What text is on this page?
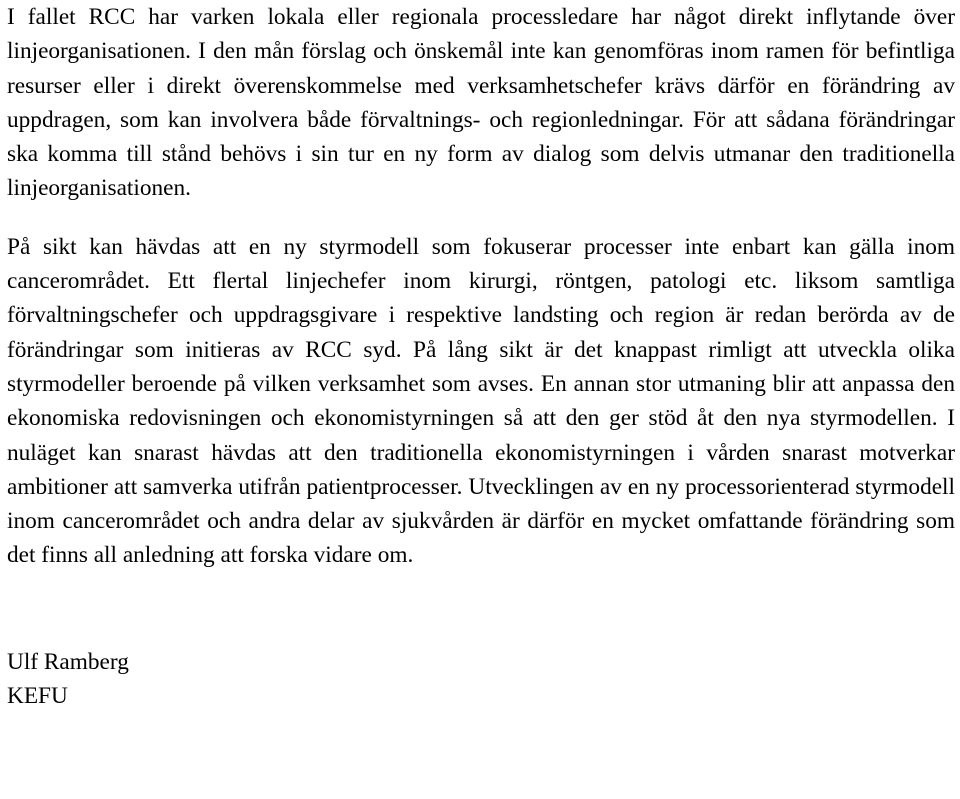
I fallet RCC har varken lokala eller regionala processledare har något direkt inflytande över linjeorganisationen. I den mån förslag och önskemål inte kan genomföras inom ramen för befintliga resurser eller i direkt överenskommelse med verksamhetschefer krävs därför en förändring av uppdragen, som kan involvera både förvaltnings- och regionledningar. För att sådana förändringar ska komma till stånd behövs i sin tur en ny form av dialog som delvis utmanar den traditionella linjeorganisationen.

På sikt kan hävdas att en ny styrmodell som fokuserar processer inte enbart kan gälla inom cancerområdet. Ett flertal linjechefer inom kirurgi, röntgen, patologi etc. liksom samtliga förvaltningschefer och uppdragsgivare i respektive landsting och region är redan berörda av de förändringar som initieras av RCC syd. På lång sikt är det knappast rimligt att utveckla olika styrmodeller beroende på vilken verksamhet som avses. En annan stor utmaning blir att anpassa den ekonomiska redovisningen och ekonomistyrningen så att den ger stöd åt den nya styrmodellen. I nuläget kan snarast hävdas att den traditionella ekonomistyrningen i vården snarast motverkar ambitioner att samverka utifrån patientprocesser. Utvecklingen av en ny processorienterad styrmodell inom cancerområdet och andra delar av sjukvården är därför en mycket omfattande förändring som det finns all anledning att forska vidare om.

Ulf Ramberg

KEFU
